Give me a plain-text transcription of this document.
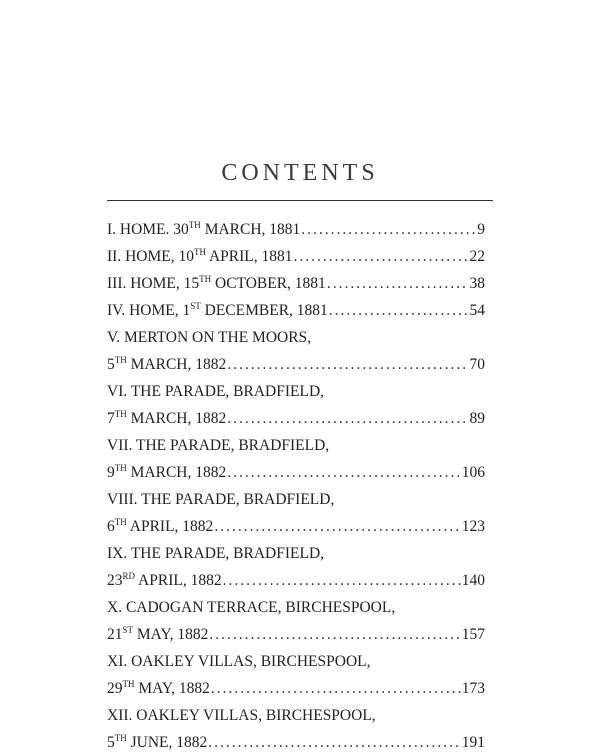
CONTENTS
I. HOME. 30TH MARCH, 1881 .....	9
II. HOME, 10TH APRIL, 1881 .....	22
III. HOME, 15TH OCTOBER, 1881 .....	38
IV. HOME, 1ST DECEMBER, 1881 .....	54
V. MERTON ON THE MOORS,
5TH MARCH, 1882 .....	70
VI. THE PARADE, BRADFIELD,
7TH MARCH, 1882 .....	89
VII. THE PARADE, BRADFIELD,
9TH MARCH, 1882 .....	106
VIII. THE PARADE, BRADFIELD,
6TH APRIL, 1882 .....	123
IX. THE PARADE, BRADFIELD,
23RD APRIL, 1882 .....	140
X. CADOGAN TERRACE, BIRCHESPOOL,
21ST MAY, 1882 .....	157
XI. OAKLEY VILLAS, BIRCHESPOOL,
29TH MAY, 1882 .....	173
XII. OAKLEY VILLAS, BIRCHESPOOL,
5TH JUNE, 1882 .....	191
